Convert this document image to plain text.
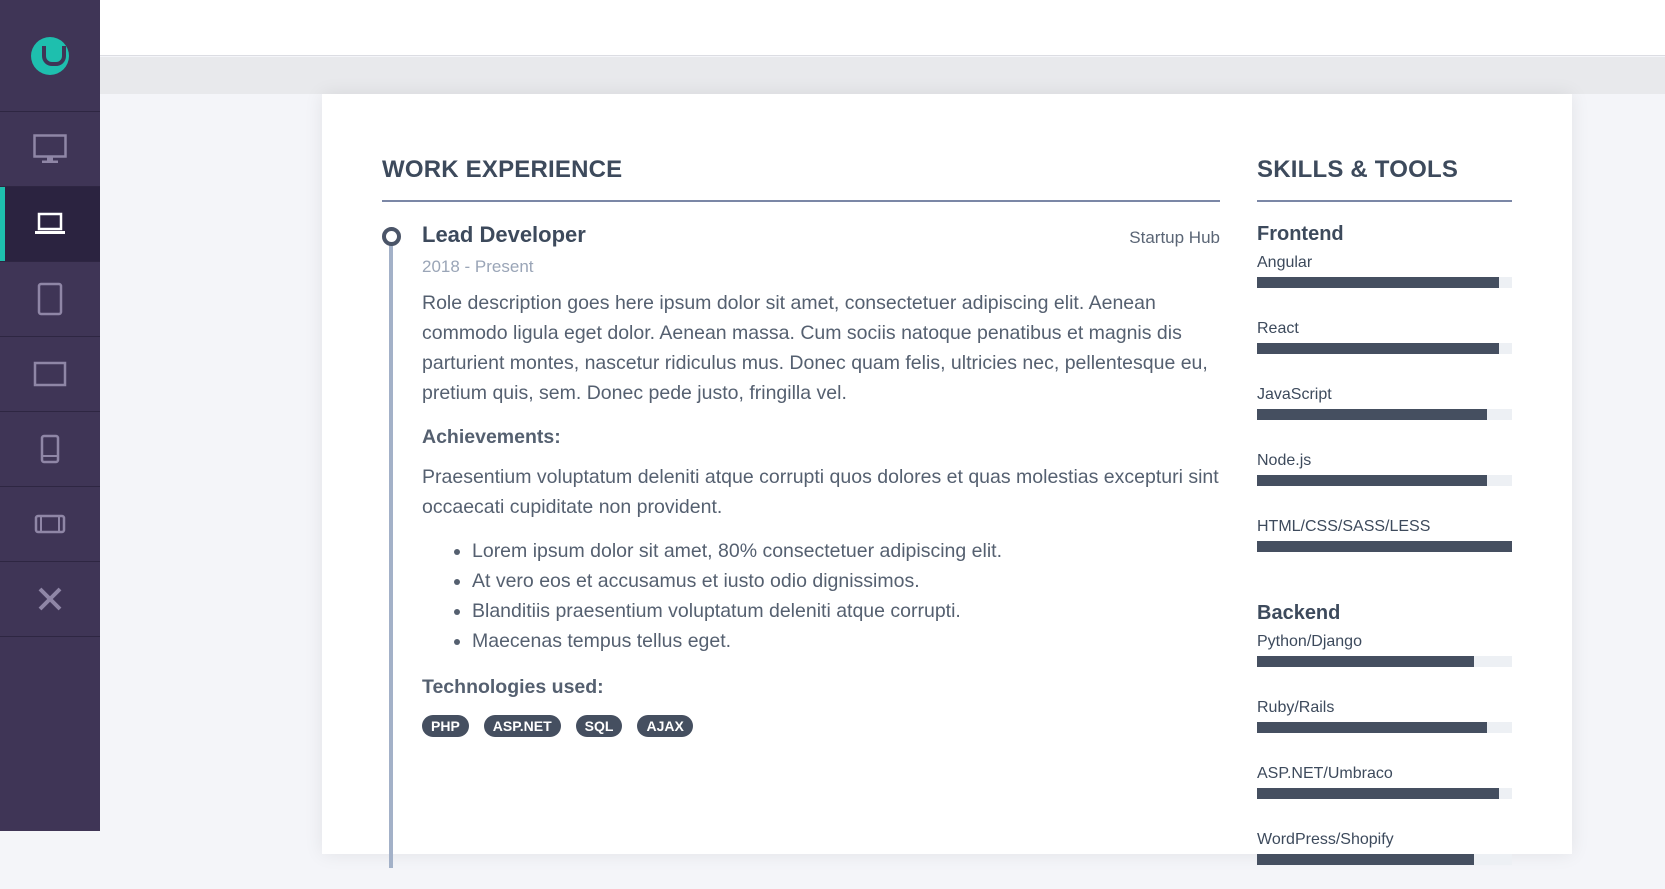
WORK EXPERIENCE
Lead Developer	Startup Hub
2018 - Present
Role description goes here ipsum dolor sit amet, consectetuer adipiscing elit. Aenean commodo ligula eget dolor. Aenean massa. Cum sociis natoque penatibus et magnis dis parturient montes, nascetur ridiculus mus. Donec quam felis, ultricies nec, pellentesque eu, pretium quis, sem. Donec pede justo, fringilla vel.
Achievements:
Praesentium voluptatum deleniti atque corrupti quos dolores et quas molestias excepturi sint occaecati cupiditate non provident.
• Lorem ipsum dolor sit amet, 80% consectetuer adipiscing elit.
• At vero eos et accusamus et iusto odio dignissimos.
• Blanditiis praesentium voluptatum deleniti atque corrupti.
• Maecenas tempus tellus eget.
Technologies used:
PHP	ASP.NET	SQL	AJAX
SKILLS & TOOLS
Frontend
Angular
React
JavaScript
Node.js
HTML/CSS/SASS/LESS
Backend
Python/Django
Ruby/Rails
ASP.NET/Umbraco
WordPress/Shopify
